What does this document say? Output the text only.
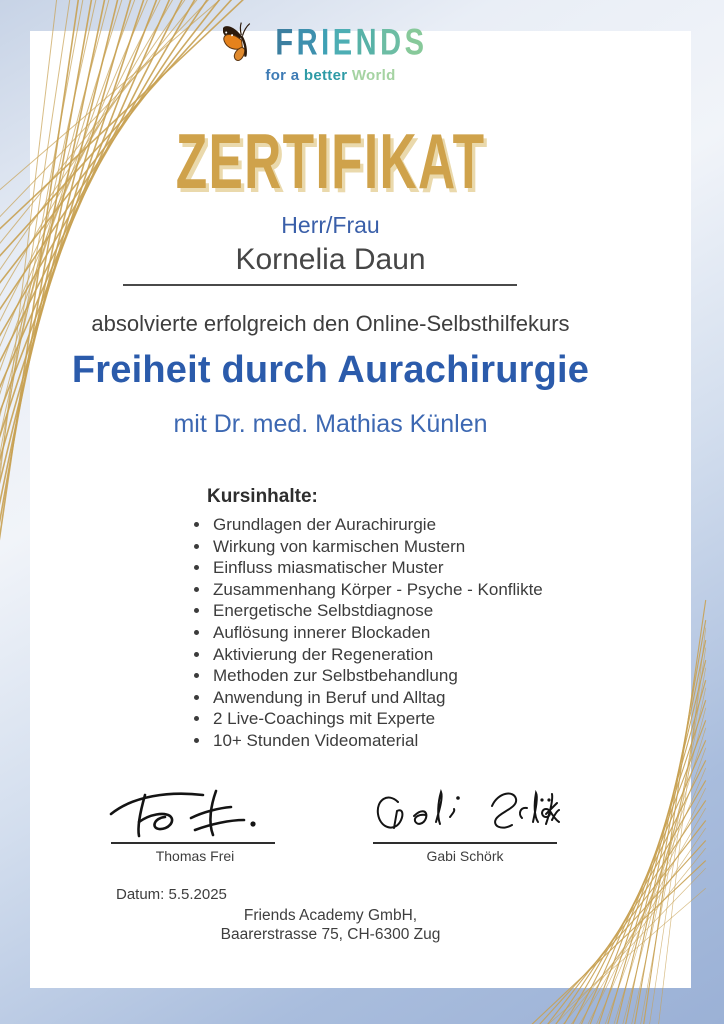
FRIENDS
for a better World
ZERTIFIKAT
Herr/Frau
Kornelia Daun
absolvierte erfolgreich den Online-Selbsthilfekurs
Freiheit durch Aurachirurgie
mit Dr. med. Mathias Künlen
Kursinhalte:
• Grundlagen der Aurachirurgie
• Wirkung von karmischen Mustern
• Einfluss miasmatischer Muster
• Zusammenhang Körper - Psyche - Konflikte
• Energetische Selbstdiagnose
• Auflösung innerer Blockaden
• Aktivierung der Regeneration
• Methoden zur Selbstbehandlung
• Anwendung in Beruf und Alltag
• 2 Live-Coachings mit Experte
• 10+ Stunden Videomaterial
Thomas Frei	Gabi Schörk
Datum: 5.5.2025
Friends Academy GmbH,
Baarerstrasse 75, CH-6300 Zug
